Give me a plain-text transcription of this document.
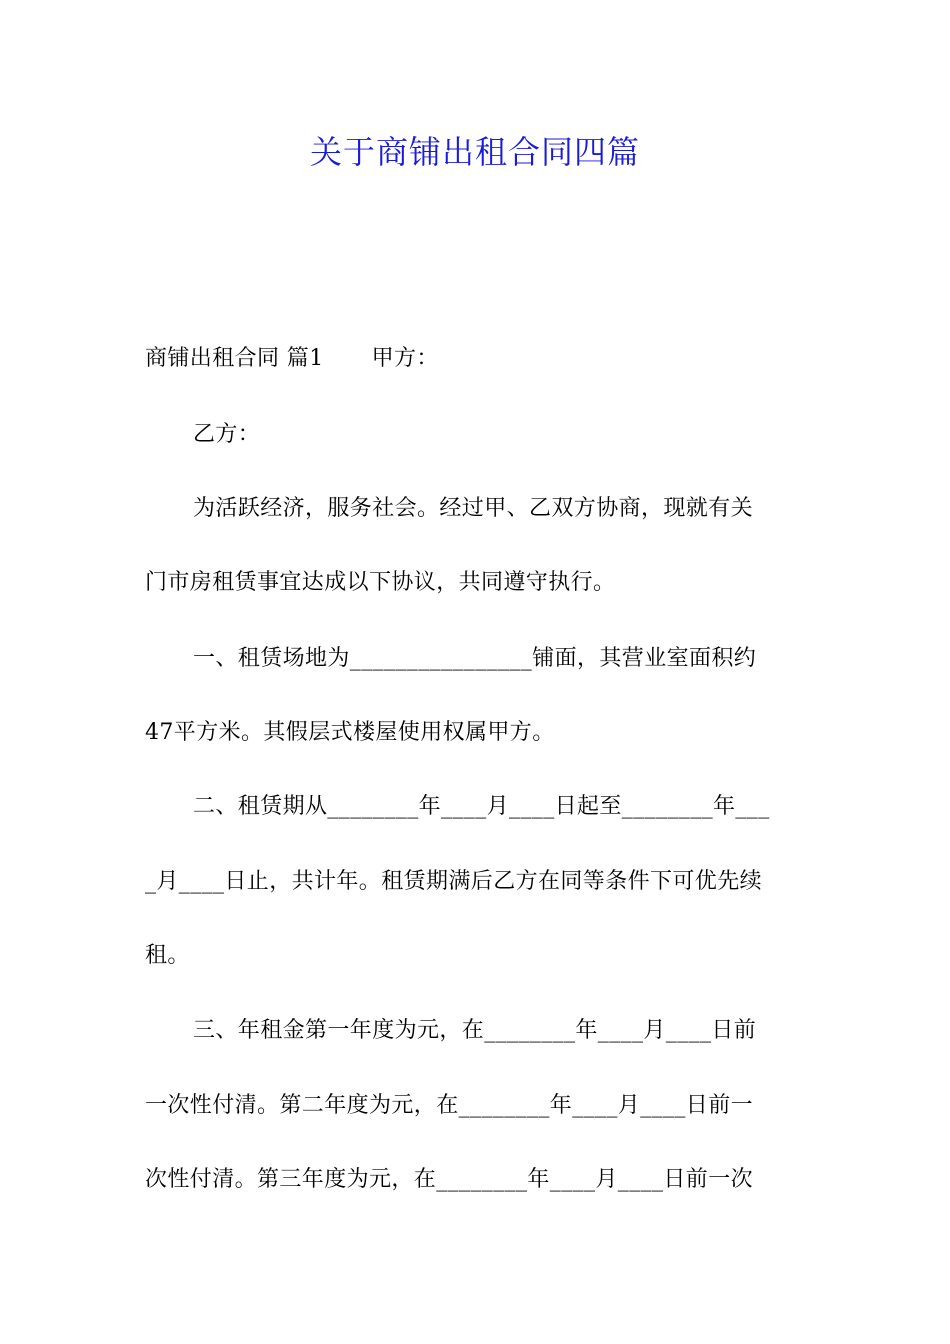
关于商铺出租合同四篇
商铺出租合同 篇1 甲方：
乙方：
为活跃经济，服务社会。经过甲、乙双方协商，现就有关
门市房租赁事宜达成以下协议，共同遵守执行。
一、租赁场地为________________铺面，其营业室面积约
47平方米。其假层式楼屋使用权属甲方。
二、租赁期从________年____月____日起至________年___
_月____日止，共计年。租赁期满后乙方在同等条件下可优先续
租。
三、年租金第一年度为元，在________年____月____日前
一次性付清。第二年度为元，在________年____月____日前一
次性付清。第三年度为元，在________年____月____日前一次
